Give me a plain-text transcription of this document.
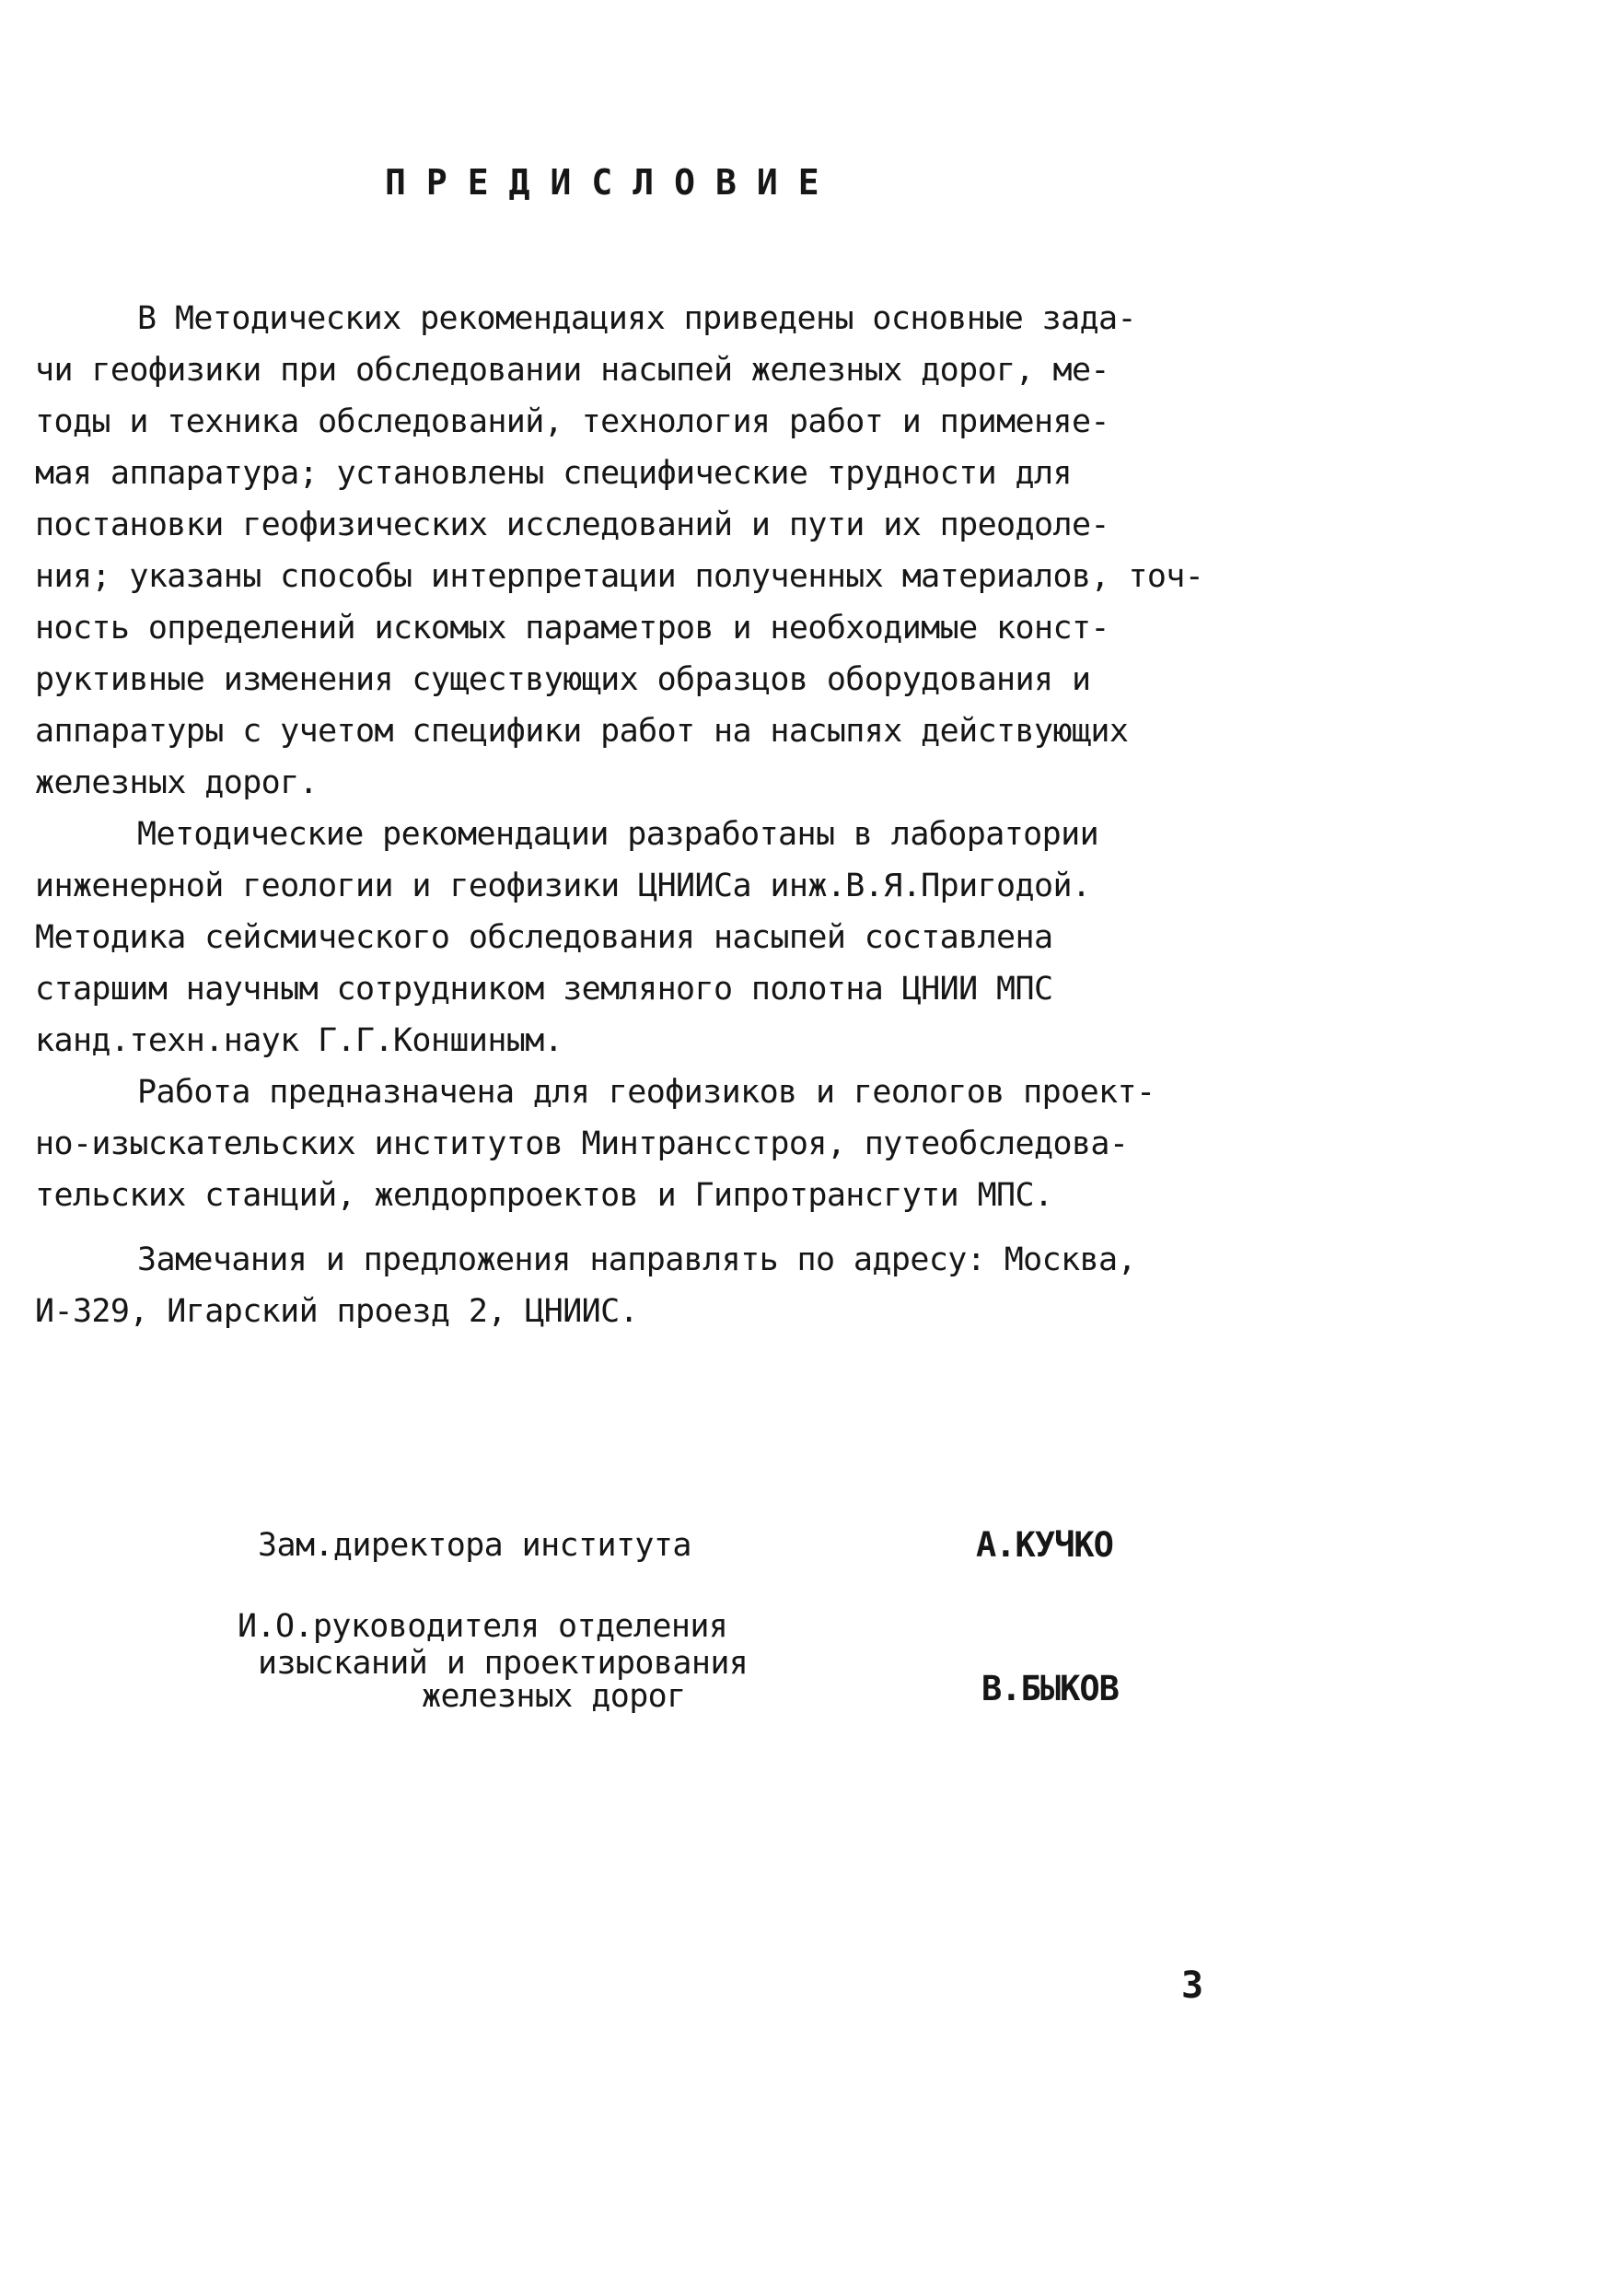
ПРЕДИСЛОВИЕ
В Методических рекомендациях приведены основные зада-
чи геофизики при обследовании насыпей железных дорог, ме-
тоды и техника обследований, технология работ и применяе-
мая аппаратура; установлены специфические трудности для
постановки геофизических исследований и пути их преодоле-
ния; указаны способы интерпретации полученных материалов, точ-
ность определений искомых параметров и необходимые конст-
руктивные изменения существующих образцов оборудования и
аппаратуры с учетом специфики работ на насыпях действующих
железных дорог.
Методические рекомендации разработаны в лаборатории
инженерной геологии и геофизики ЦНИИСа инж.В.Я.Пригодой.
Методика сейсмического обследования насыпей составлена
старшим научным сотрудником земляного полотна ЦНИИ МПС
канд.техн.наук Г.Г.Коншиным.
Работа предназначена для геофизиков и геологов проект-
но-изыскательских институтов Минтрансстроя, путеобследова-
тельских станций, желдорпроектов и Гипротрансгути МПС.
Замечания и предложения направлять по адресу: Москва,
И-329, Игарский проезд 2, ЦНИИС.
Зам.директора института	А.КУЧКО
И.О.руководителя отделения
изысканий и проектирования
железных дорог	В.БЫКОВ
3
